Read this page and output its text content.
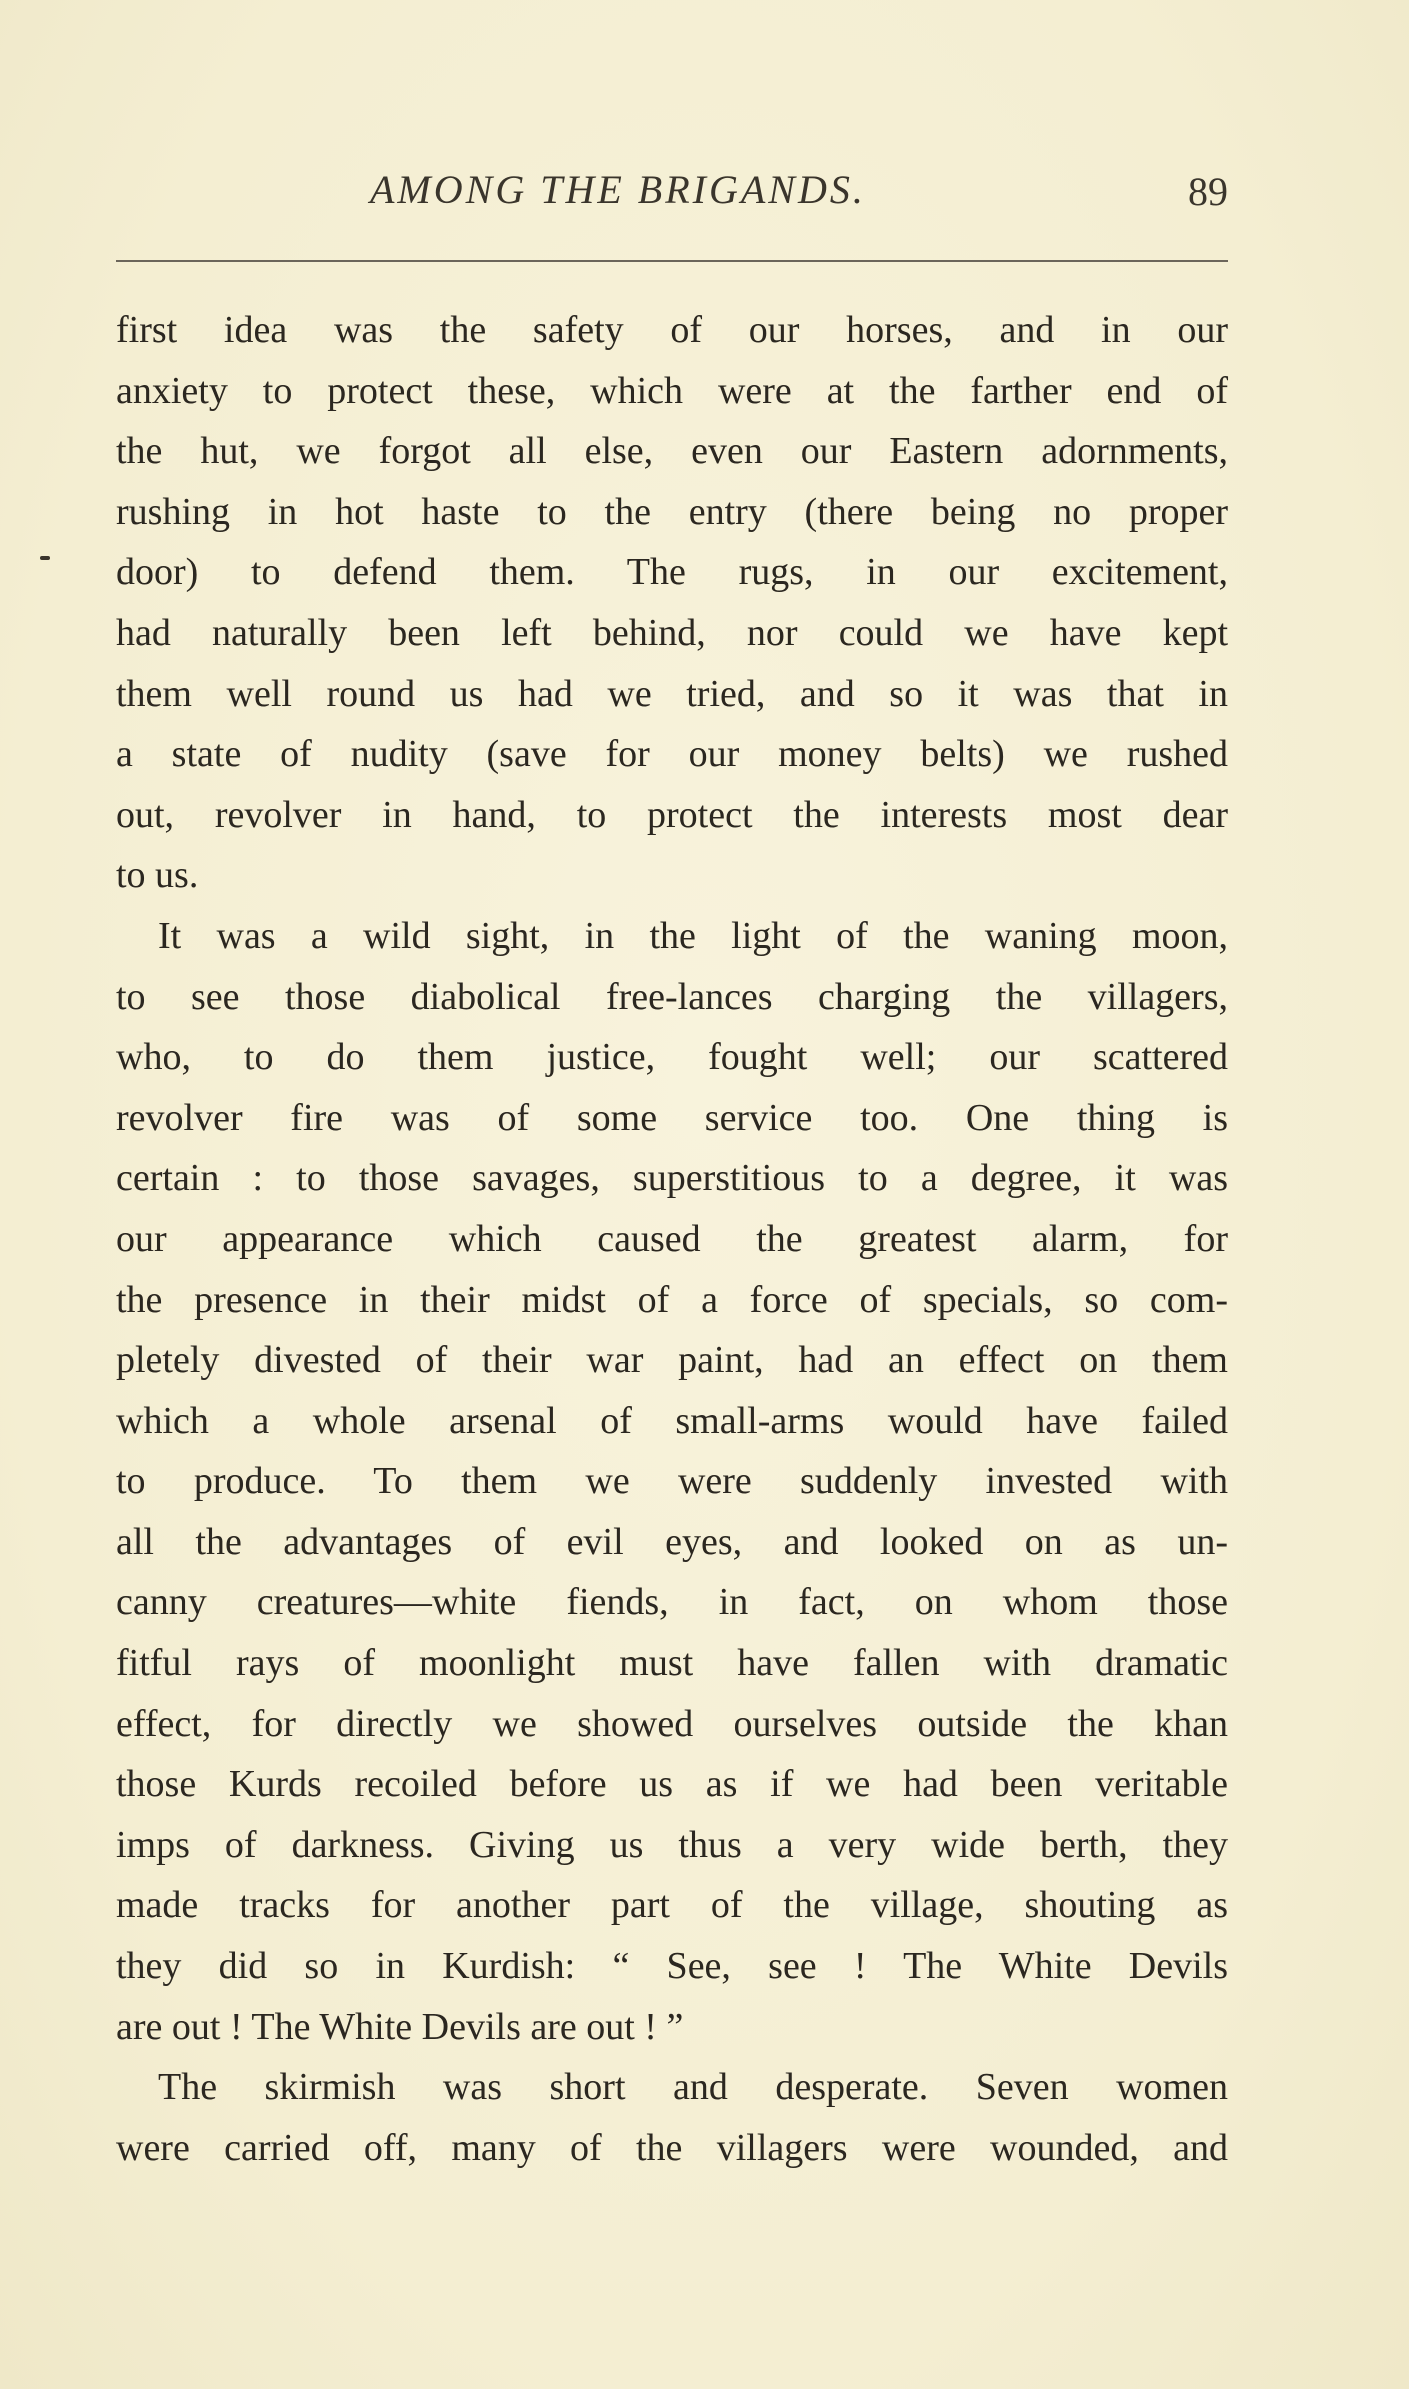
AMONG THE BRIGANDS.	89

first idea was the safety of our horses, and in our
anxiety to protect these, which were at the farther end of
the hut, we forgot all else, even our Eastern adornments,
rushing in hot haste to the entry (there being no proper
door) to defend them. The rugs, in our excitement,
had naturally been left behind, nor could we have kept
them well round us had we tried, and so it was that in
a state of nudity (save for our money belts) we rushed
out, revolver in hand, to protect the interests most dear
to us.

It was a wild sight, in the light of the waning moon,
to see those diabolical free-lances charging the villagers,
who, to do them justice, fought well; our scattered
revolver fire was of some service too. One thing is
certain : to those savages, superstitious to a degree, it was
our appearance which caused the greatest alarm, for
the presence in their midst of a force of specials, so com-
pletely divested of their war paint, had an effect on them
which a whole arsenal of small-arms would have failed
to produce. To them we were suddenly invested with
all the advantages of evil eyes, and looked on as un-
canny creatures—white fiends, in fact, on whom those
fitful rays of moonlight must have fallen with dramatic
effect, for directly we showed ourselves outside the khan
those Kurds recoiled before us as if we had been veritable
imps of darkness. Giving us thus a very wide berth, they
made tracks for another part of the village, shouting as
they did so in Kurdish: “ See, see ! The White Devils
are out ! The White Devils are out ! ”

The skirmish was short and desperate. Seven women
were carried off, many of the villagers were wounded, and
